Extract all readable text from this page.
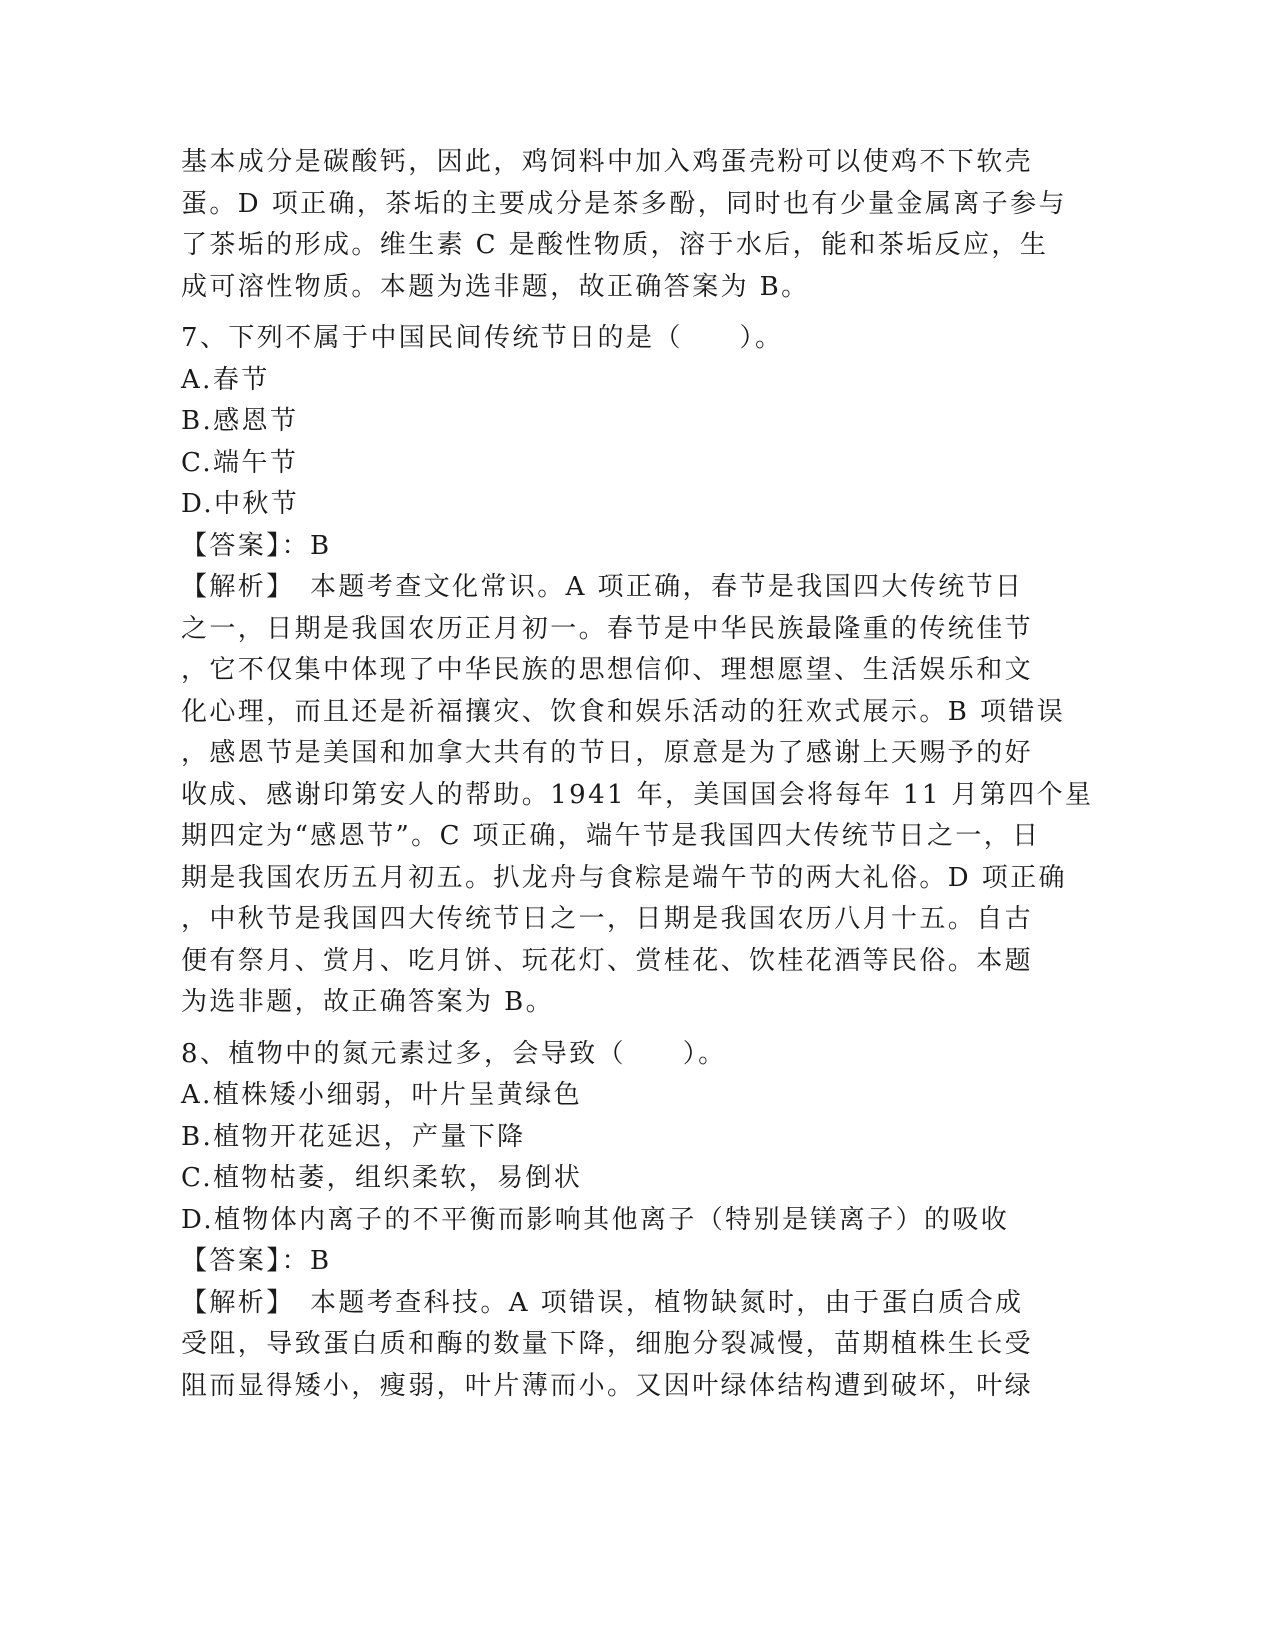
基本成分是碳酸钙，因此，鸡饲料中加入鸡蛋壳粉可以使鸡不下软壳
蛋。D 项正确，茶垢的主要成分是茶多酚，同时也有少量金属离子参与
了茶垢的形成。维生素 C 是酸性物质，溶于水后，能和茶垢反应，生
成可溶性物质。本题为选非题，故正确答案为 B。
7、下列不属于中国民间传统节日的是（　　）。
A.春节
B.感恩节
C.端午节
D.中秋节
【答案】：B
【解析】　本题考查文化常识。A 项正确，春节是我国四大传统节日
之一，日期是我国农历正月初一。春节是中华民族最隆重的传统佳节
，它不仅集中体现了中华民族的思想信仰、理想愿望、生活娱乐和文
化心理，而且还是祈福攘灾、饮食和娱乐活动的狂欢式展示。B 项错误
，感恩节是美国和加拿大共有的节日，原意是为了感谢上天赐予的好
收成、感谢印第安人的帮助。1941 年，美国国会将每年 11 月第四个星
期四定为“感恩节”。C 项正确，端午节是我国四大传统节日之一，日
期是我国农历五月初五。扒龙舟与食粽是端午节的两大礼俗。D 项正确
，中秋节是我国四大传统节日之一，日期是我国农历八月十五。自古
便有祭月、赏月、吃月饼、玩花灯、赏桂花、饮桂花酒等民俗。本题
为选非题，故正确答案为 B。
8、植物中的氮元素过多，会导致（　　）。
A.植株矮小细弱，叶片呈黄绿色
B.植物开花延迟，产量下降
C.植物枯萎，组织柔软，易倒状
D.植物体内离子的不平衡而影响其他离子（特别是镁离子）的吸收
【答案】：B
【解析】　本题考查科技。A 项错误，植物缺氮时，由于蛋白质合成
受阻，导致蛋白质和酶的数量下降，细胞分裂减慢，苗期植株生长受
阻而显得矮小，瘦弱，叶片薄而小。又因叶绿体结构遭到破坏，叶绿
